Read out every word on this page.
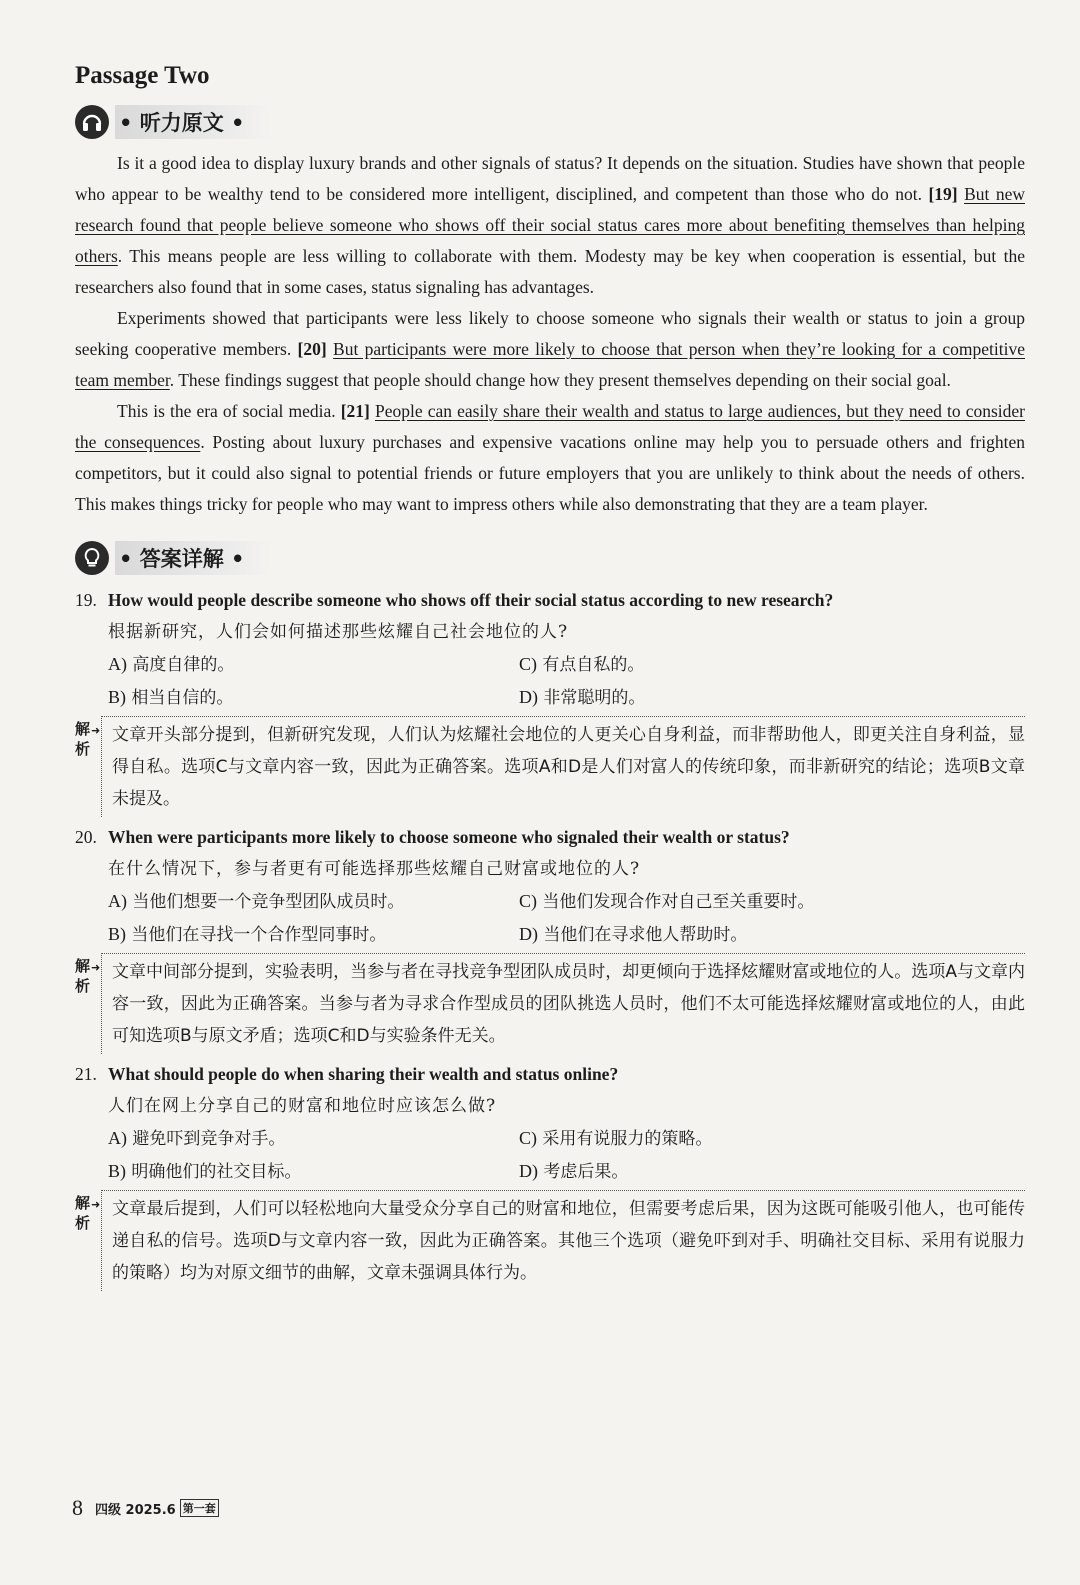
Passage Two
• 听力原文 •

Is it a good idea to display luxury brands and other signals of status? It depends on the situation. Studies have shown that people who appear to be wealthy tend to be considered more intelligent, disciplined, and competent than those who do not. [19] But new research found that people believe someone who shows off their social status cares more about benefiting themselves than helping others. This means people are less willing to collaborate with them. Modesty may be key when cooperation is essential, but the researchers also found that in some cases, status signaling has advantages.

Experiments showed that participants were less likely to choose someone who signals their wealth or status to join a group seeking cooperative members. [20] But participants were more likely to choose that person when they’re looking for a competitive team member. These findings suggest that people should change how they present themselves depending on their social goal.

This is the era of social media. [21] People can easily share their wealth and status to large audiences, but they need to consider the consequences. Posting about luxury purchases and expensive vacations online may help you to persuade others and frighten competitors, but it could also signal to potential friends or future employers that you are unlikely to think about the needs of others. This makes things tricky for people who may want to impress others while also demonstrating that they are a team player.

• 答案详解 •
19. How would people describe someone who shows off their social status according to new research?
根据新研究，人们会如何描述那些炫耀自己社会地位的人?
A) 高度自律的。	C) 有点自私的。
B) 相当自信的。	D) 非常聪明的。
解➜
析
文章开头部分提到，但新研究发现，人们认为炫耀社会地位的人更关心自身利益，而非帮助他人，即更关注自身利益，显得自私。选项C与文章内容一致，因此为正确答案。选项A和D是人们对富人的传统印象，而非新研究的结论；选项B文章未提及。
20. When were participants more likely to choose someone who signaled their wealth or status?
在什么情况下，参与者更有可能选择那些炫耀自己财富或地位的人?
A) 当他们想要一个竞争型团队成员时。	C) 当他们发现合作对自己至关重要时。
B) 当他们在寻找一个合作型同事时。	D) 当他们在寻求他人帮助时。
解➜
析
文章中间部分提到，实验表明，当参与者在寻找竞争型团队成员时，却更倾向于选择炫耀财富或地位的人。选项A与文章内容一致，因此为正确答案。当参与者为寻求合作型成员的团队挑选人员时，他们不太可能选择炫耀财富或地位的人，由此可知选项B与原文矛盾；选项C和D与实验条件无关。
21. What should people do when sharing their wealth and status online?
人们在网上分享自己的财富和地位时应该怎么做?
A) 避免吓到竞争对手。	C) 采用有说服力的策略。
B) 明确他们的社交目标。	D) 考虑后果。
解➜
析
文章最后提到，人们可以轻松地向大量受众分享自己的财富和地位，但需要考虑后果，因为这既可能吸引他人，也可能传递自私的信号。选项D与文章内容一致，因此为正确答案。其他三个选项（避免吓到对手、明确社交目标、采用有说服力的策略）均为对原文细节的曲解，文章未强调具体行为。
8 四级 2025.6 第一套
